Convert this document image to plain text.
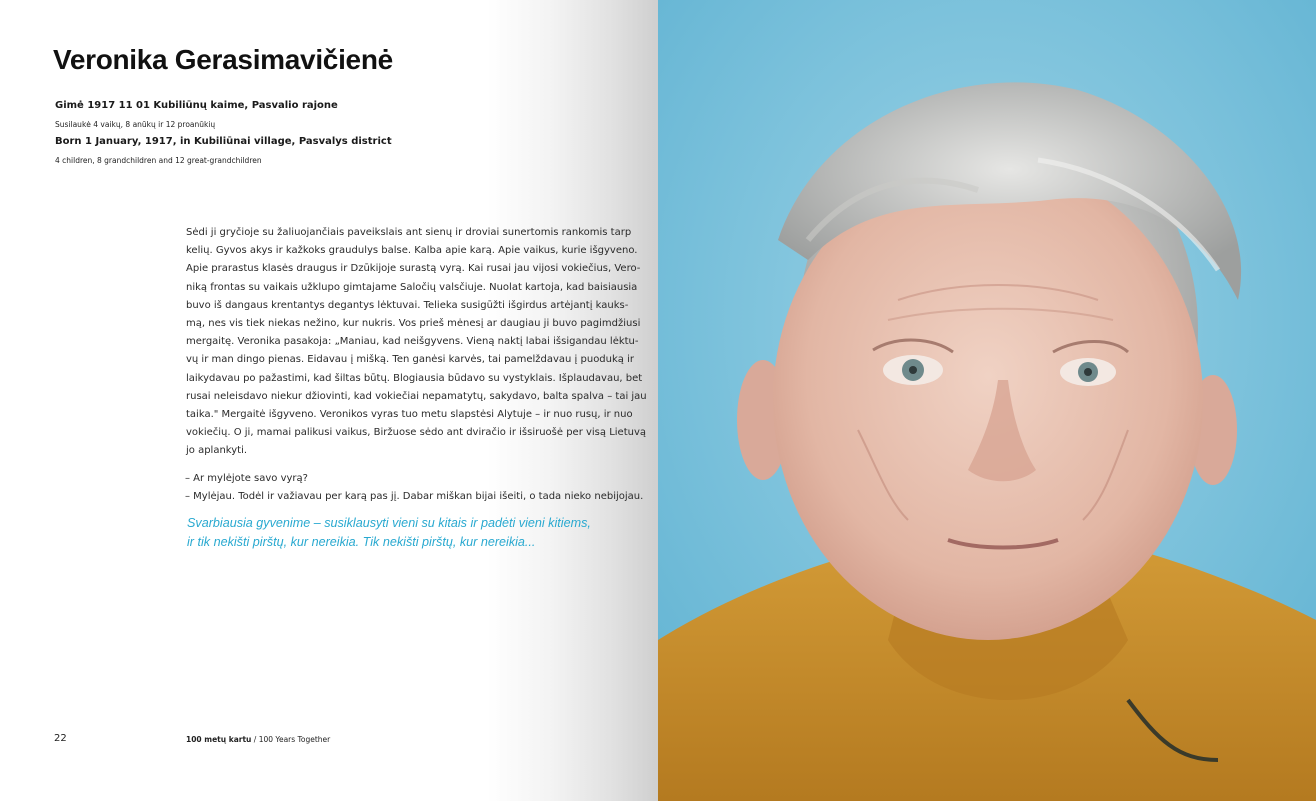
Veronika Gerasimavičienė
Gimė 1917 11 01 Kubiliūnų kaime, Pasvalio rajone
Susilaukė 4 vaikų, 8 anūkų ir 12 proanūkių
Born 1 January, 1917, in Kubiliūnai village, Pasvalys district
4 children, 8 grandchildren and 12 great-grandchildren
Sėdi ji gryčioje su žaliuojančiais paveikslais ant sienų ir droviai sunertomis rankomis tarp
kelių. Gyvos akys ir kažkoks graudulys balse. Kalba apie karą. Apie vaikus, kurie išgyveno.
Apie prarastus klasės draugus ir Dzūkijoje surastą vyrą. Kai rusai jau vijosi vokiečius, Vero-
niką frontas su vaikais užklupo gimtajame Saločių valsčiuje. Nuolat kartoja, kad baisiausia
buvo iš dangaus krentantys degantys lėktuvai. Telieka susigūžti išgirdus artėjantį kauks-
mą, nes vis tiek niekas nežino, kur nukris. Vos prieš mėnesį ar daugiau ji buvo pagimdžiusi
mergaitę. Veronika pasakoja: „Maniau, kad neišgyvens. Vieną naktį labai išsigandau lėktu-
vų ir man dingo pienas. Eidavau į mišką. Ten ganėsi karvės, tai pamelždavau į puoduką ir
laikydavau po pažastimi, kad šiltas būtų. Blogiausia būdavo su vystyklais. Išplaudavau, bet
rusai neleisdavo niekur džiovinti, kad vokiečiai nepamatytų, sakydavo, balta spalva – tai jau
taika." Mergaitė išgyveno. Veronikos vyras tuo metu slapstėsi Alytuje – ir nuo rusų, ir nuo
vokiečių. O ji, mamai palikusi vaikus, Biržuose sėdo ant dviračio ir išsiruošė per visą Lietuvą
jo aplankyti.
– Ar mylėjote savo vyrą?
– Mylėjau. Todėl ir važiavau per karą pas jį. Dabar miškan bijai išeiti, o tada nieko nebijojau.
Svarbiausia gyvenime – susiklausyti vieni su kitais ir padėti vieni kitiems,
ir tik nekišti pirštų, kur nereikia. Tik nekišti pirštų, kur nereikia...
22	100 metų kartu / 100 Years Together
